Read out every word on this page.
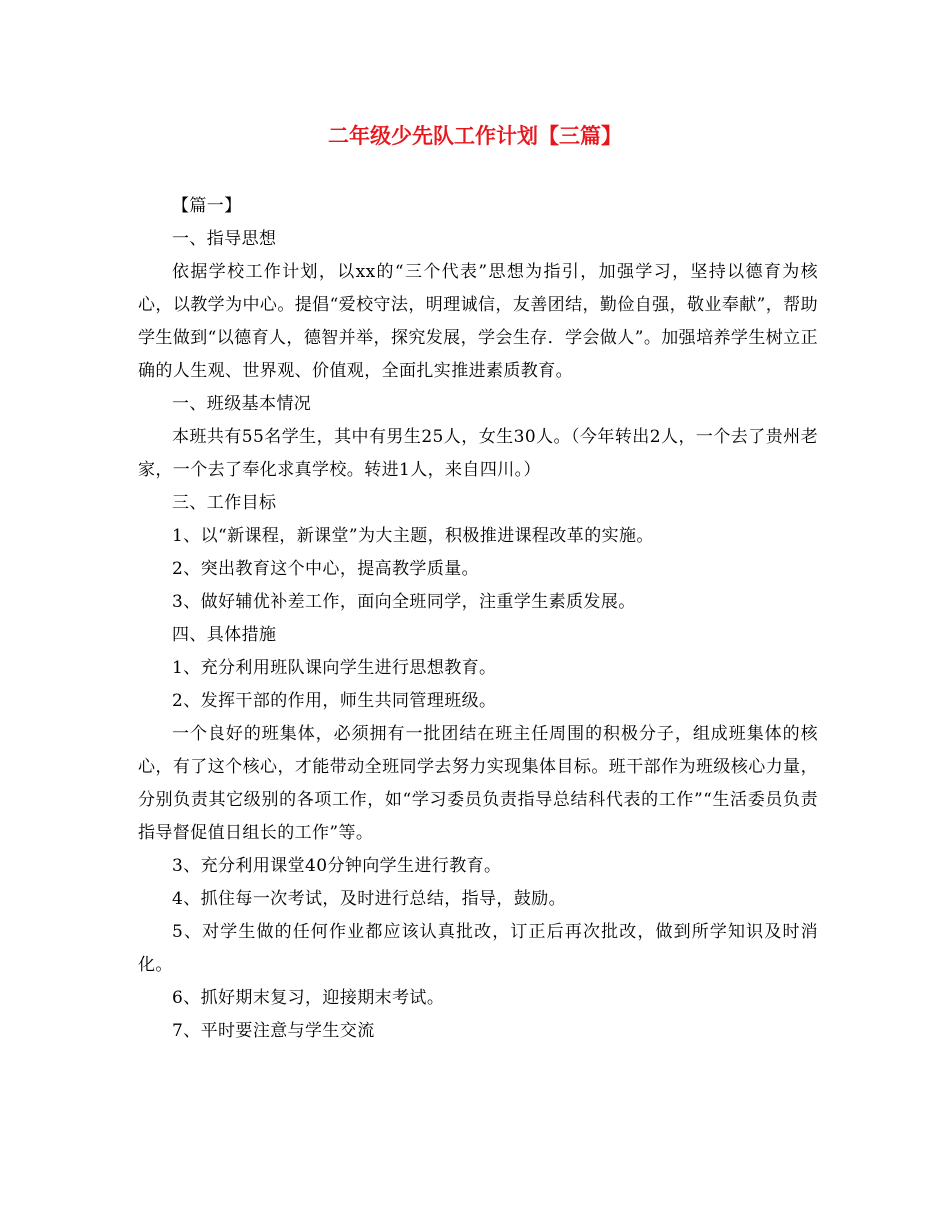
二年级少先队工作计划【三篇】

【篇一】

一、指导思想

依据学校工作计划，以xx的“三个代表”思想为指引，加强学习，坚持以德育为核心，以教学为中心。提倡“爱校守法，明理诚信，友善团结，勤俭自强，敬业奉献”，帮助学生做到“以德育人，德智并举，探究发展，学会生存．学会做人”。加强培养学生树立正确的人生观、世界观、价值观，全面扎实推进素质教育。

一、班级基本情况

本班共有55名学生，其中有男生25人，女生30人。（今年转出2人，一个去了贵州老家，一个去了奉化求真学校。转进1人，来自四川。）

三、工作目标

1、以“新课程，新课堂”为大主题，积极推进课程改革的实施。

2、突出教育这个中心，提高教学质量。

3、做好辅优补差工作，面向全班同学，注重学生素质发展。

四、具体措施

1、充分利用班队课向学生进行思想教育。

2、发挥干部的作用，师生共同管理班级。

一个良好的班集体，必须拥有一批团结在班主任周围的积极分子，组成班集体的核心，有了这个核心，才能带动全班同学去努力实现集体目标。班干部作为班级核心力量，分别负责其它级别的各项工作，如“学习委员负责指导总结科代表的工作”“生活委员负责指导督促值日组长的工作”等。

3、充分利用课堂40分钟向学生进行教育。

4、抓住每一次考试，及时进行总结，指导，鼓励。

5、对学生做的任何作业都应该认真批改，订正后再次批改，做到所学知识及时消化。

6、抓好期末复习，迎接期末考试。

7、平时要注意与学生交流
